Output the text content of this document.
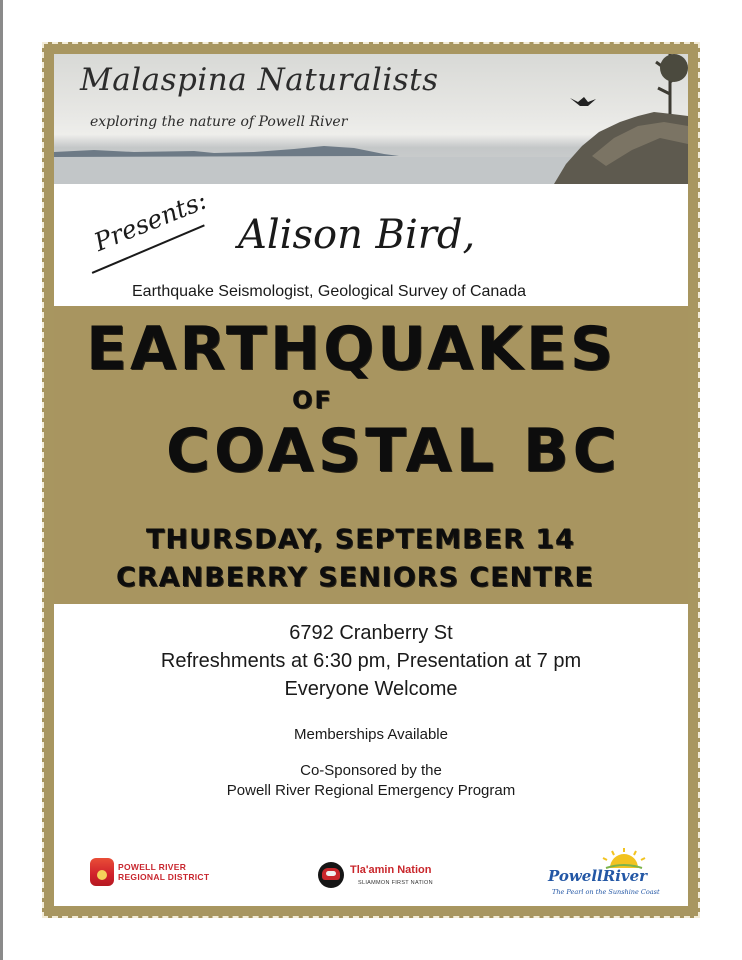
Malaspina Naturalists
exploring the nature of Powell River
Presents: Alison Bird,
Earthquake Seismologist, Geological Survey of Canada
EARTHQUAKES
OF
COASTAL BC
THURSDAY, SEPTEMBER 14
CRANBERRY SENIORS CENTRE
6792 Cranberry St
Refreshments at 6:30 pm, Presentation at 7 pm
Everyone Welcome
Memberships Available
Co-Sponsored by the
Powell River Regional Emergency Program
POWELL RIVER
REGIONAL DISTRICT
Tla'amin Nation
SLIAMMON FIRST NATION	PowellRiver
The Pearl on the Sunshine Coast
